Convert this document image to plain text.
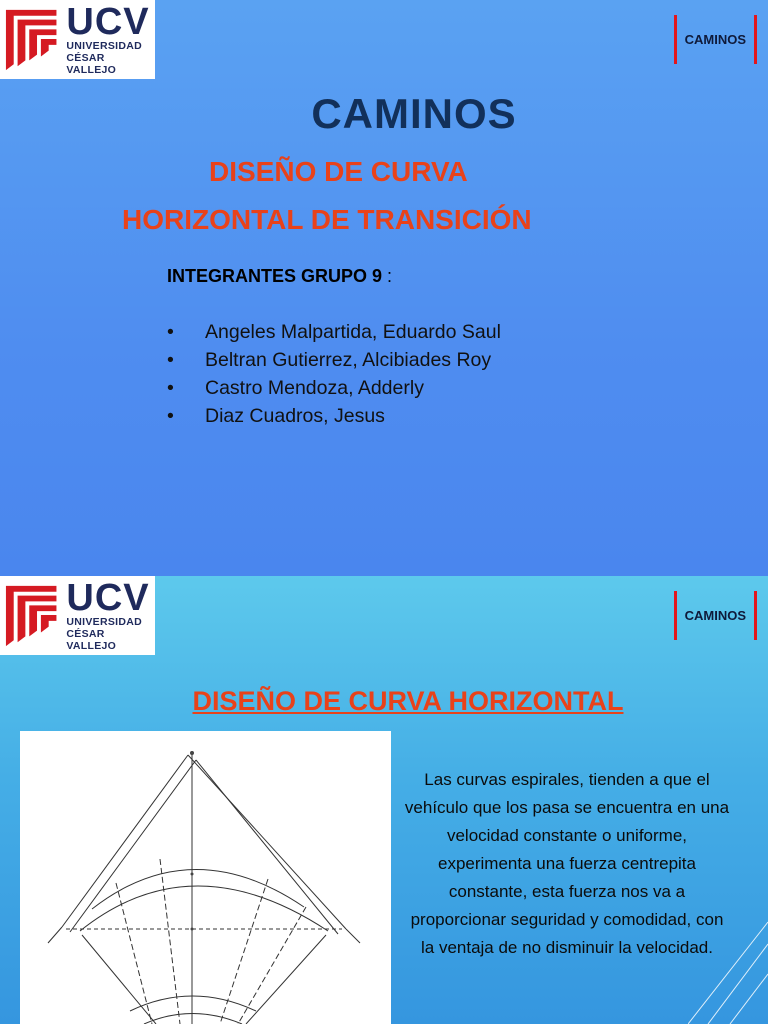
UCV
UNIVERSIDAD
CÉSAR VALLEJO
CAMINOS
CAMINOS
DISEÑO DE CURVA
HORIZONTAL DE TRANSICIÓN
INTEGRANTES GRUPO 9 :
•	Angeles Malpartida, Eduardo Saul
•	Beltran Gutierrez, Alcibiades Roy
•	Castro Mendoza, Adderly
•	Diaz Cuadros, Jesus
UCV
UNIVERSIDAD
CÉSAR VALLEJO
CAMINOS
DISEÑO DE CURVA HORIZONTAL
Las curvas espirales, tienden a que el vehículo que los pasa se encuentra en una velocidad constante o uniforme, experimenta una fuerza centrepita constante, esta fuerza nos va a proporcionar seguridad y comodidad, con la ventaja de no disminuir la velocidad.
